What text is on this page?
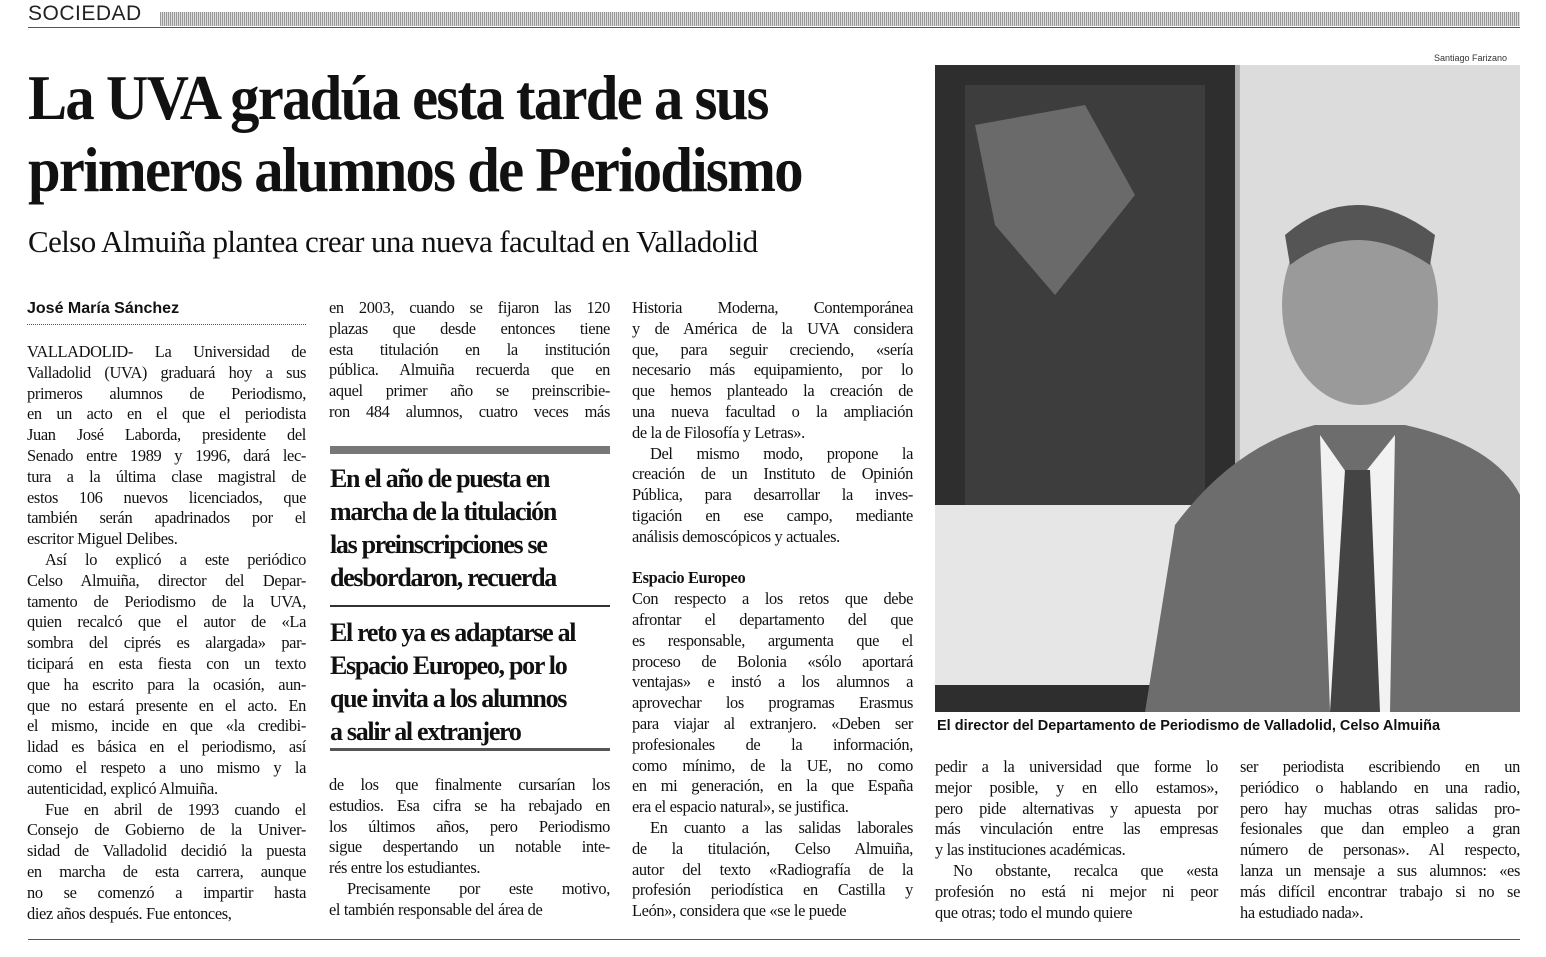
SOCIEDAD
La UVA gradúa esta tarde a sus
primeros alumnos de Periodismo
Celso Almuiña plantea crear una nueva facultad en Valladolid
José María Sánchez
VALLADOLID- La Universidad de
Valladolid (UVA) graduará hoy a sus
primeros alumnos de Periodismo,
en un acto en el que el periodista
Juan José Laborda, presidente del
Senado entre 1989 y 1996, dará lec-
tura a la última clase magistral de
estos 106 nuevos licenciados, que
también serán apadrinados por el
escritor Miguel Delibes.
Así lo explicó a este periódico
Celso Almuiña, director del Depar-
tamento de Periodismo de la UVA,
quien recalcó que el autor de «La
sombra del ciprés es alargada» par-
ticipará en esta fiesta con un texto
que ha escrito para la ocasión, aun-
que no estará presente en el acto. En
el mismo, incide en que «la credibi-
lidad es básica en el periodismo, así
como el respeto a uno mismo y la
autenticidad, explicó Almuiña.
Fue en abril de 1993 cuando el
Consejo de Gobierno de la Univer-
sidad de Valladolid decidió la puesta
en marcha de esta carrera, aunque
no se comenzó a impartir hasta
diez años después. Fue entonces,
en 2003, cuando se fijaron las 120
plazas que desde entonces tiene
esta titulación en la institución
pública. Almuiña recuerda que en
aquel primer año se preinscribie-
ron 484 alumnos, cuatro veces más
En el año de puesta en
marcha de la titulación
las preinscripciones se
desbordaron, recuerda
El reto ya es adaptarse al
Espacio Europeo, por lo
que invita a los alumnos
a salir al extranjero
de los que finalmente cursarían los
estudios. Esa cifra se ha rebajado en
los últimos años, pero Periodismo
sigue despertando un notable inte-
rés entre los estudiantes.
Precisamente por este motivo,
el también responsable del área de
Historia Moderna, Contemporánea
y de América de la UVA considera
que, para seguir creciendo, «sería
necesario más equipamiento, por lo
que hemos planteado la creación de
una nueva facultad o la ampliación
de la de Filosofía y Letras».
Del mismo modo, propone la
creación de un Instituto de Opinión
Pública, para desarrollar la inves-
tigación en ese campo, mediante
análisis demoscópicos y actuales.

Espacio Europeo
Con respecto a los retos que debe
afrontar el departamento del que
es responsable, argumenta que el
proceso de Bolonia «sólo aportará
ventajas» e instó a los alumnos a
aprovechar los programas Erasmus
para viajar al extranjero. «Deben ser
profesionales de la información,
como mínimo, de la UE, no como
en mi generación, en la que España
era el espacio natural», se justifica.
En cuanto a las salidas laborales
de la titulación, Celso Almuiña,
autor del texto «Radiografía de la
profesión periodística en Castilla y
León», considera que «se le puede
Santiago Farizano
El director del Departamento de Periodismo de Valladolid, Celso Almuiña
pedir a la universidad que forme lo
mejor posible, y en ello estamos»,
pero pide alternativas y apuesta por
más vinculación entre las empresas
y las instituciones académicas.
No obstante, recalca que «esta
profesión no está ni mejor ni peor
que otras; todo el mundo quiere
ser periodista escribiendo en un
periódico o hablando en una radio,
pero hay muchas otras salidas pro-
fesionales que dan empleo a gran
número de personas». Al respecto,
lanza un mensaje a sus alumnos: «es
más difícil encontrar trabajo si no se
ha estudiado nada».
